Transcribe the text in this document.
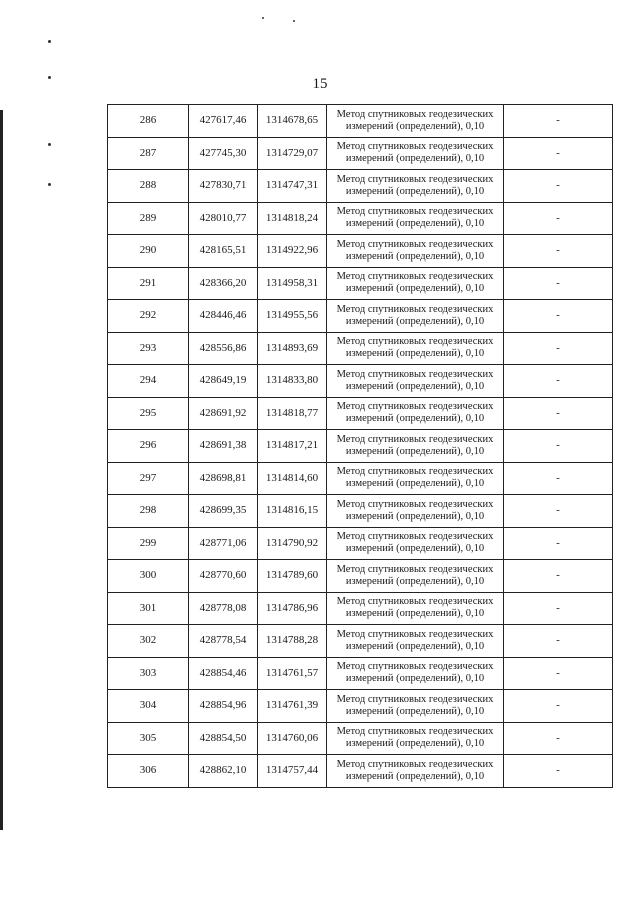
15
286	427617,46	1314678,65	Метод спутниковых геодезических
измерений (определений), 0,10	-
287	427745,30	1314729,07	Метод спутниковых геодезических
измерений (определений), 0,10	-
288	427830,71	1314747,31	Метод спутниковых геодезических
измерений (определений), 0,10	-
289	428010,77	1314818,24	Метод спутниковых геодезических
измерений (определений), 0,10	-
290	428165,51	1314922,96	Метод спутниковых геодезических
измерений (определений), 0,10	-
291	428366,20	1314958,31	Метод спутниковых геодезических
измерений (определений), 0,10	-
292	428446,46	1314955,56	Метод спутниковых геодезических
измерений (определений), 0,10	-
293	428556,86	1314893,69	Метод спутниковых геодезических
измерений (определений), 0,10	-
294	428649,19	1314833,80	Метод спутниковых геодезических
измерений (определений), 0,10	-
295	428691,92	1314818,77	Метод спутниковых геодезических
измерений (определений), 0,10	-
296	428691,38	1314817,21	Метод спутниковых геодезических
измерений (определений), 0,10	-
297	428698,81	1314814,60	Метод спутниковых геодезических
измерений (определений), 0,10	-
298	428699,35	1314816,15	Метод спутниковых геодезических
измерений (определений), 0,10	-
299	428771,06	1314790,92	Метод спутниковых геодезических
измерений (определений), 0,10	-
300	428770,60	1314789,60	Метод спутниковых геодезических
измерений (определений), 0,10	-
301	428778,08	1314786,96	Метод спутниковых геодезических
измерений (определений), 0,10	-
302	428778,54	1314788,28	Метод спутниковых геодезических
измерений (определений), 0,10	-
303	428854,46	1314761,57	Метод спутниковых геодезических
измерений (определений), 0,10	-
304	428854,96	1314761,39	Метод спутниковых геодезических
измерений (определений), 0,10	-
305	428854,50	1314760,06	Метод спутниковых геодезических
измерений (определений), 0,10	-
306	428862,10	1314757,44	Метод спутниковых геодезических
измерений (определений), 0,10	-
